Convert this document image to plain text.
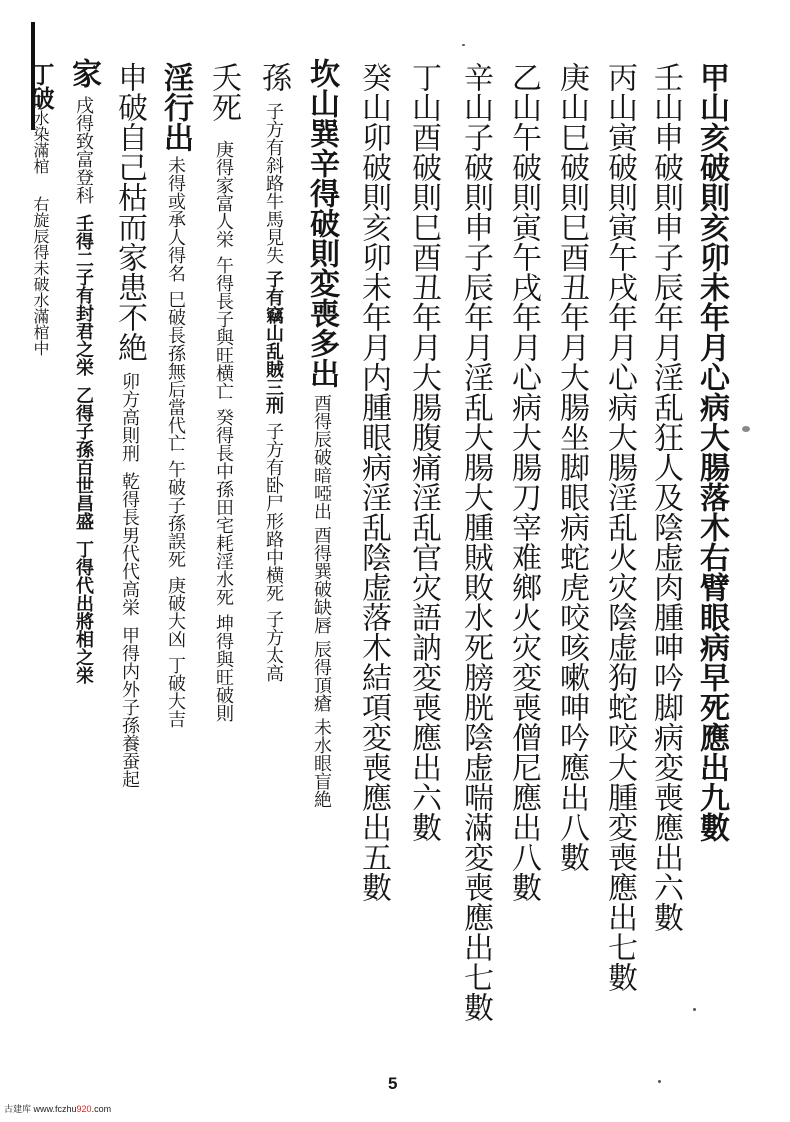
甲山亥破則亥卯未年月心病大腸落木右臂眼病早死應出九數
壬山申破則申子辰年月淫乱狂人及陰虚肉腫呻吟脚病変喪應出六數
丙山寅破則寅午戌年月心病大腸淫乱火灾陰虚狗蛇咬大腫変喪應出七數
庚山巳破則巳酉丑年月大腸坐脚眼病蛇虎咬咳嗽呻吟應出八數
乙山午破則寅午戌年月心病大腸刀宰难鄉火灾変喪僧尼應出八數
辛山子破則申子辰年月淫乱大腸大腫賊敗水死膀胱陰虚喘滿変喪應出七數
丁山酉破則巳酉丑年月大腸腹痛淫乱官灾語訥変喪應出六數
癸山卯破則亥卯未年月内腫眼病淫乱陰虚落木結項変喪應出五數
坎山巽辛得破則変喪多出酉得辰破暗啞出酉得巽破缺唇辰得頂瘡未水眼盲絶
孫子方有斜路牛馬見失子有竊山乱賊三刑子方有卧尸形路中横死子方太高
夭死庚得家富人栄午得長子與旺横亡癸得長中孫田宅耗淫水死坤得與旺破則
淫行出未得或承人得名巳破長孫無后當代亡午破子孫誤死庚破大凶丁破大吉
申破自己枯而家患不絶卯方高則刑乾得長男代代高栄甲得内外子孫養蚕起
家戌得致富登科壬得二子有封君之栄乙得子孫百世昌盛丁得代出將相之栄
丁破水染滿棺右旋辰得未破水滿棺中
5
古建库 www.fczhu920.com
